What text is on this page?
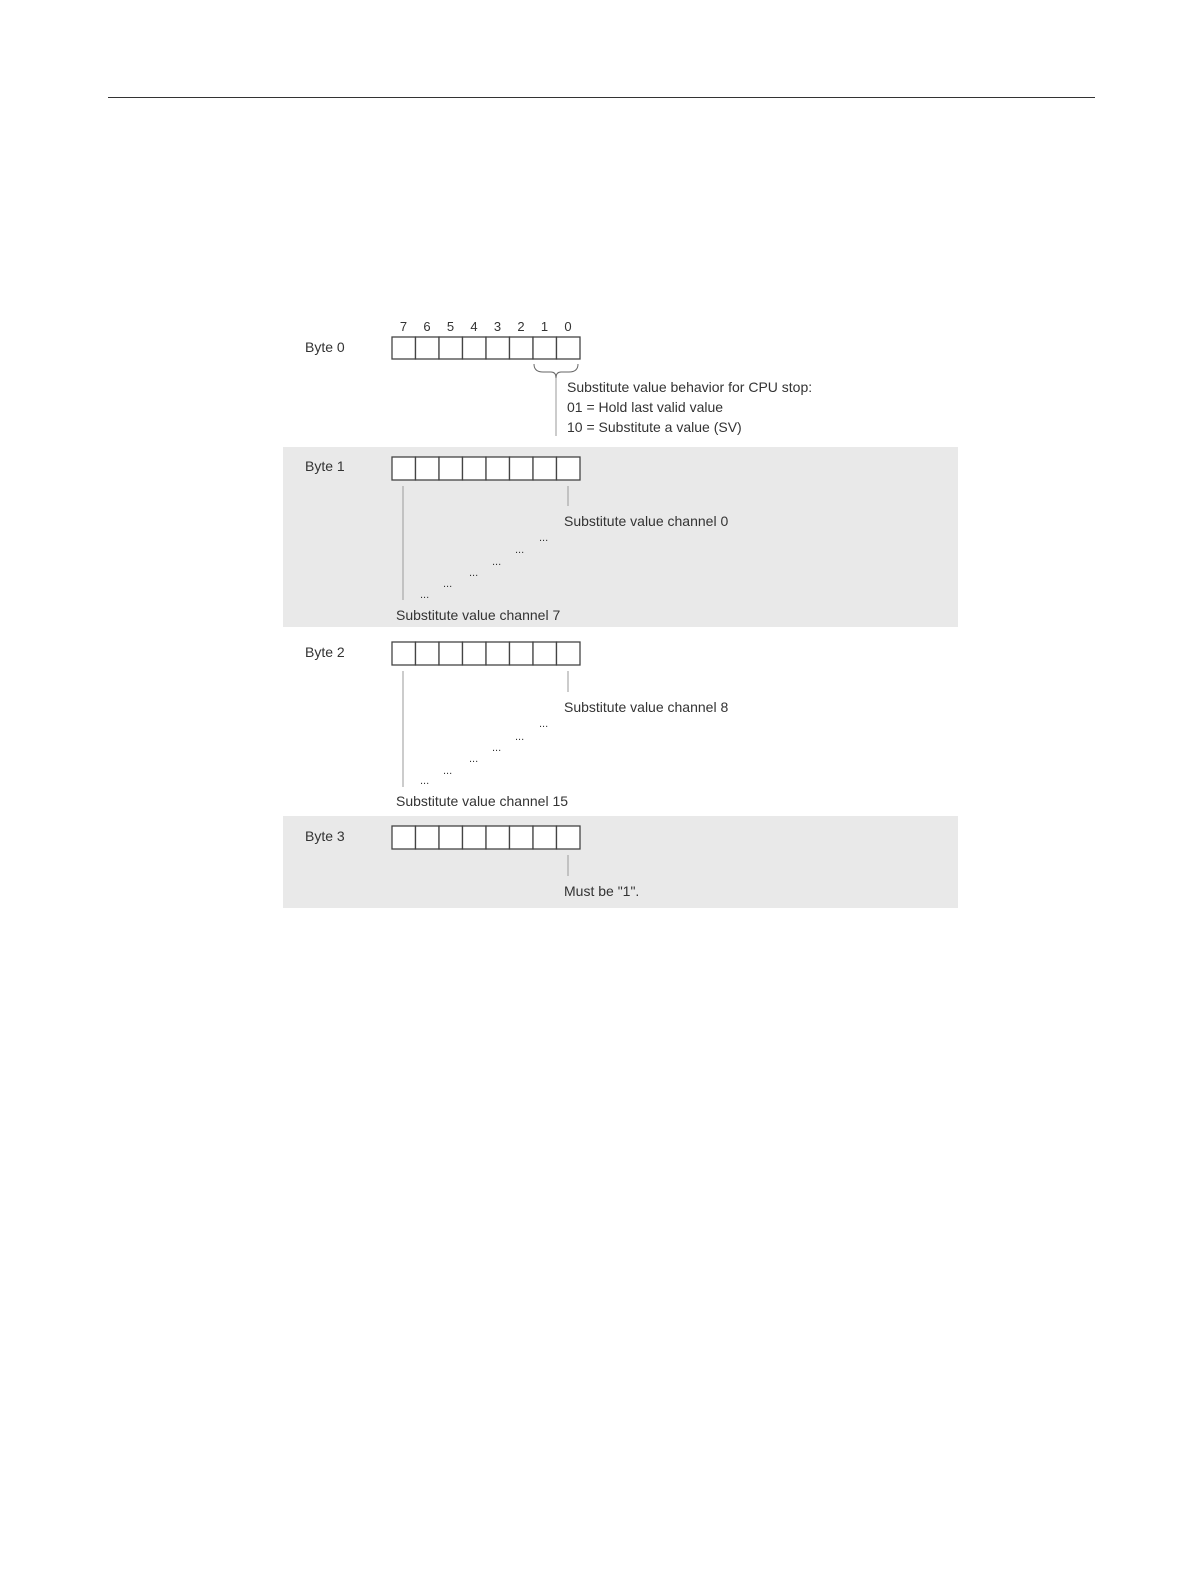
7 6 5 4 3 2 1 0
Byte 0
Substitute value behavior for CPU stop:
01 = Hold last valid value
10 = Substitute a value (SV)
Byte 1
Substitute value channel 0
...
...
...
...
...
...
Substitute value channel 7
Byte 2
Substitute value channel 8
...
...
...
...
...
...
Substitute value channel 15
Byte 3
Must be "1".
